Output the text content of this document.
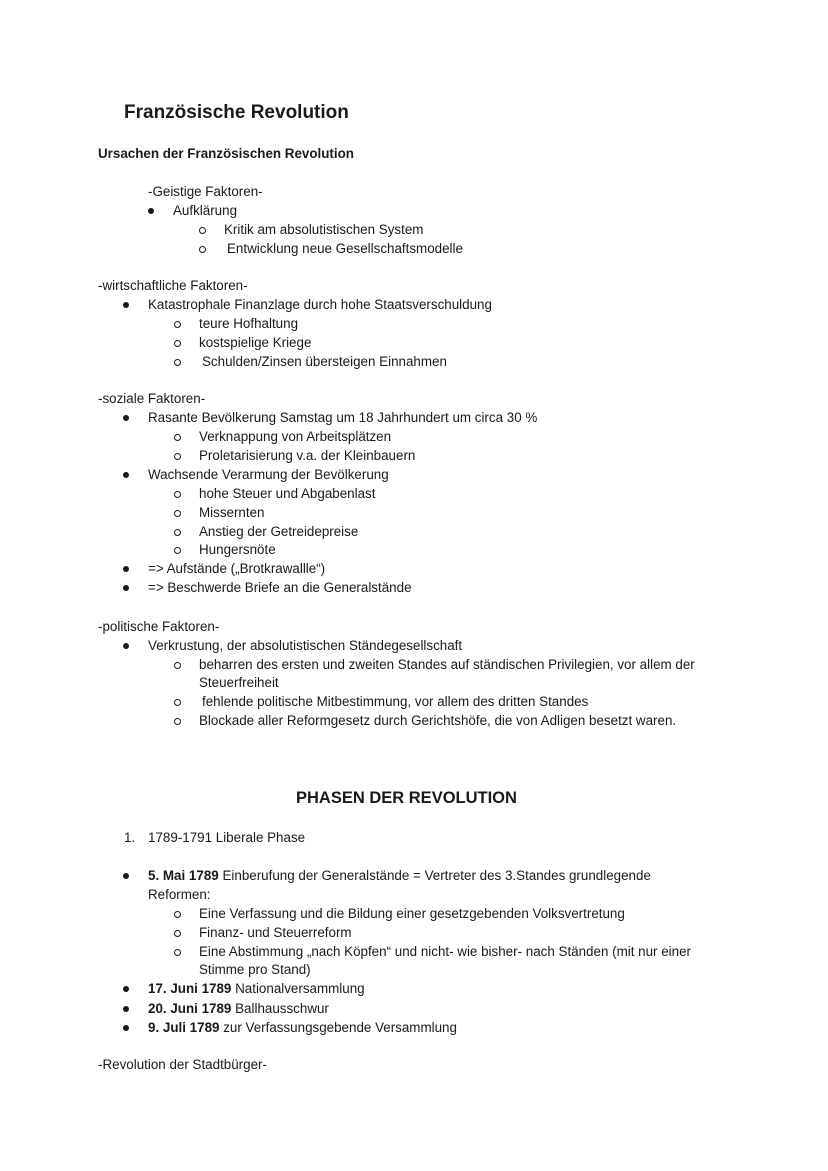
Französische Revolution
Ursachen der Französischen Revolution
-Geistige Faktoren-
Aufklärung
Kritik am absolutistischen System
Entwicklung neue Gesellschaftsmodelle
-wirtschaftliche Faktoren-
Katastrophale Finanzlage durch hohe Staatsverschuldung
teure Hofhaltung
kostspielige Kriege
Schulden/Zinsen übersteigen Einnahmen
-soziale Faktoren-
Rasante Bevölkerung Samstag um 18 Jahrhundert um circa 30 %
Verknappung von Arbeitsplätzen
Proletarisierung v.a. der Kleinbauern
Wachsende Verarmung der Bevölkerung
hohe Steuer und Abgabenlast
Missernten
Anstieg der Getreidepreise
Hungersnöte
=> Aufstände („Brotkrawallle“)
=> Beschwerde Briefe an die Generalstände
-politische Faktoren-
Verkrustung, der absolutistischen Ständegesellschaft
beharren des ersten und zweiten Standes auf ständischen Privilegien, vor allem der
Steuerfreiheit
fehlende politische Mitbestimmung, vor allem des dritten Standes
Blockade aller Reformgesetz durch Gerichtshöfe, die von Adligen besetzt waren.
PHASEN DER REVOLUTION
1. 1789-1791 Liberale Phase
5. Mai 1789 Einberufung der Generalstände = Vertreter des 3.Standes grundlegende
Reformen:
Eine Verfassung und die Bildung einer gesetzgebenden Volksvertretung
Finanz- und Steuerreform
Eine Abstimmung „nach Köpfen“ und nicht- wie bisher- nach Ständen (mit nur einer
Stimme pro Stand)
17. Juni 1789 Nationalversammlung
20. Juni 1789 Ballhausschwur
9. Juli 1789 zur Verfassungsgebende Versammlung
-Revolution der Stadtbürger-
